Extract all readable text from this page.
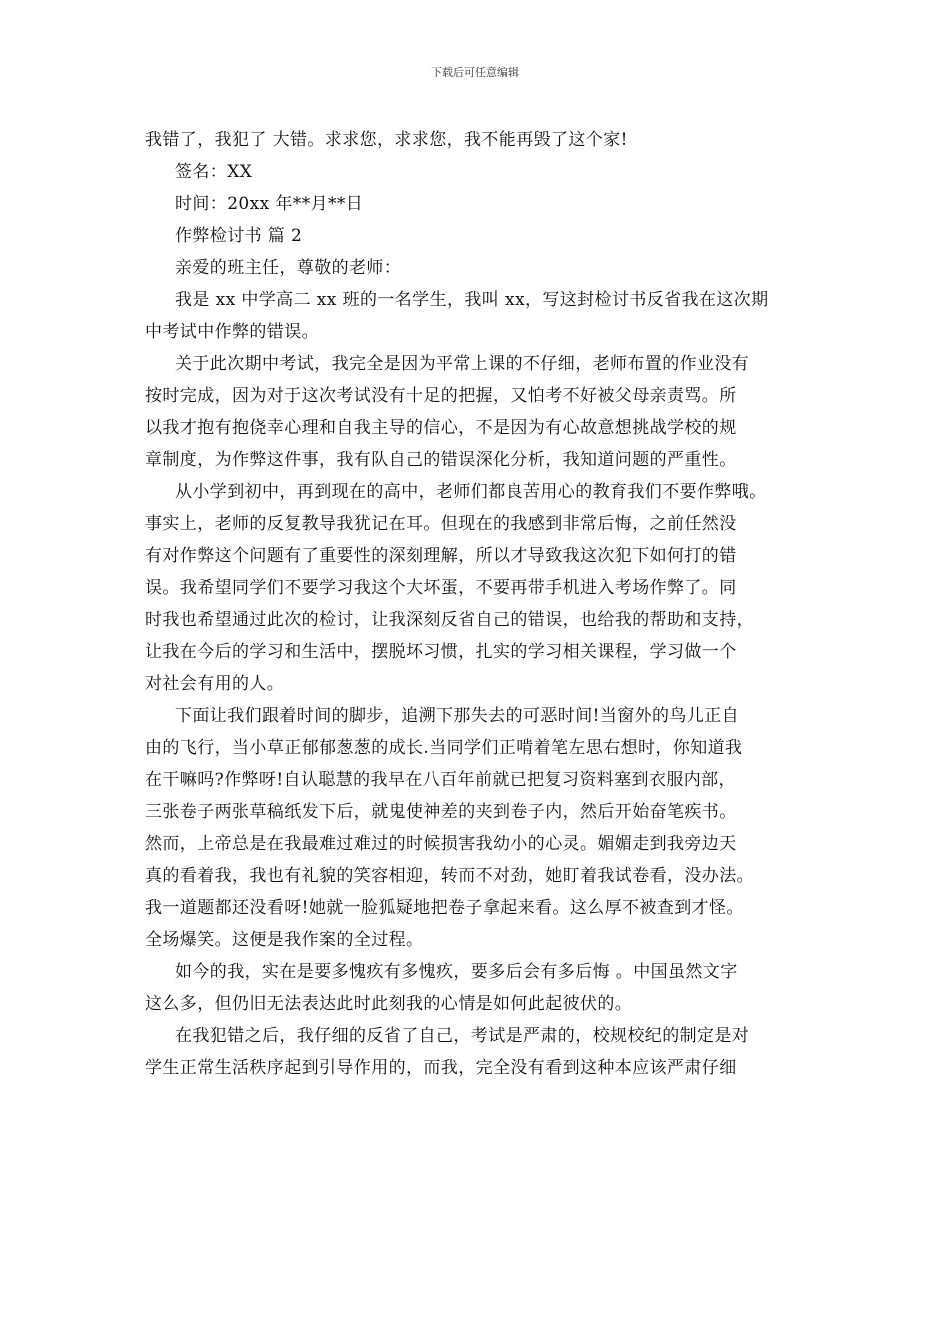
下载后可任意编辑
我错了，我犯了 大错。求求您，求求您，我不能再毁了这个家!
签名：XX
时间：20xx 年**月**日
作弊检讨书 篇 2
亲爱的班主任，尊敬的老师：
我是 xx 中学高二 xx 班的一名学生，我叫 xx，写这封检讨书反省我在这次期
中考试中作弊的错误。
关于此次期中考试，我完全是因为平常上课的不仔细，老师布置的作业没有
按时完成，因为对于这次考试没有十足的把握，又怕考不好被父母亲责骂。所
以我才抱有抱侥幸心理和自我主导的信心，不是因为有心故意想挑战学校的规
章制度，为作弊这件事，我有队自己的错误深化分析，我知道问题的严重性。
从小学到初中，再到现在的高中，老师们都良苦用心的教育我们不要作弊哦。
事实上，老师的反复教导我犹记在耳。但现在的我感到非常后悔，之前任然没
有对作弊这个问题有了重要性的深刻理解，所以才导致我这次犯下如何打的错
误。我希望同学们不要学习我这个大坏蛋，不要再带手机进入考场作弊了。同
时我也希望通过此次的检讨，让我深刻反省自己的错误，也给我的帮助和支持，
让我在今后的学习和生活中，摆脱坏习惯，扎实的学习相关课程，学习做一个
对社会有用的人。
下面让我们跟着时间的脚步，追溯下那失去的可恶时间!当窗外的鸟儿正自
由的飞行，当小草正郁郁葱葱的成长.当同学们正啃着笔左思右想时，你知道我
在干嘛吗?作弊呀!自认聪慧的我早在八百年前就已把复习资料塞到衣服内部，
三张卷子两张草稿纸发下后，就鬼使神差的夹到卷子内，然后开始奋笔疾书。
然而，上帝总是在我最难过难过的时候损害我幼小的心灵。媚媚走到我旁边天
真的看着我，我也有礼貌的笑容相迎，转而不对劲，她盯着我试卷看，没办法。
我一道题都还没看呀!她就一脸狐疑地把卷子拿起来看。这么厚不被查到才怪。
全场爆笑。这便是我作案的全过程。
如今的我，实在是要多愧疚有多愧疚，要多后会有多后悔 。中国虽然文字
这么多，但仍旧无法表达此时此刻我的心情是如何此起彼伏的。
在我犯错之后，我仔细的反省了自己，考试是严肃的，校规校纪的制定是对
学生正常生活秩序起到引导作用的，而我，完全没有看到这种本应该严肃仔细
